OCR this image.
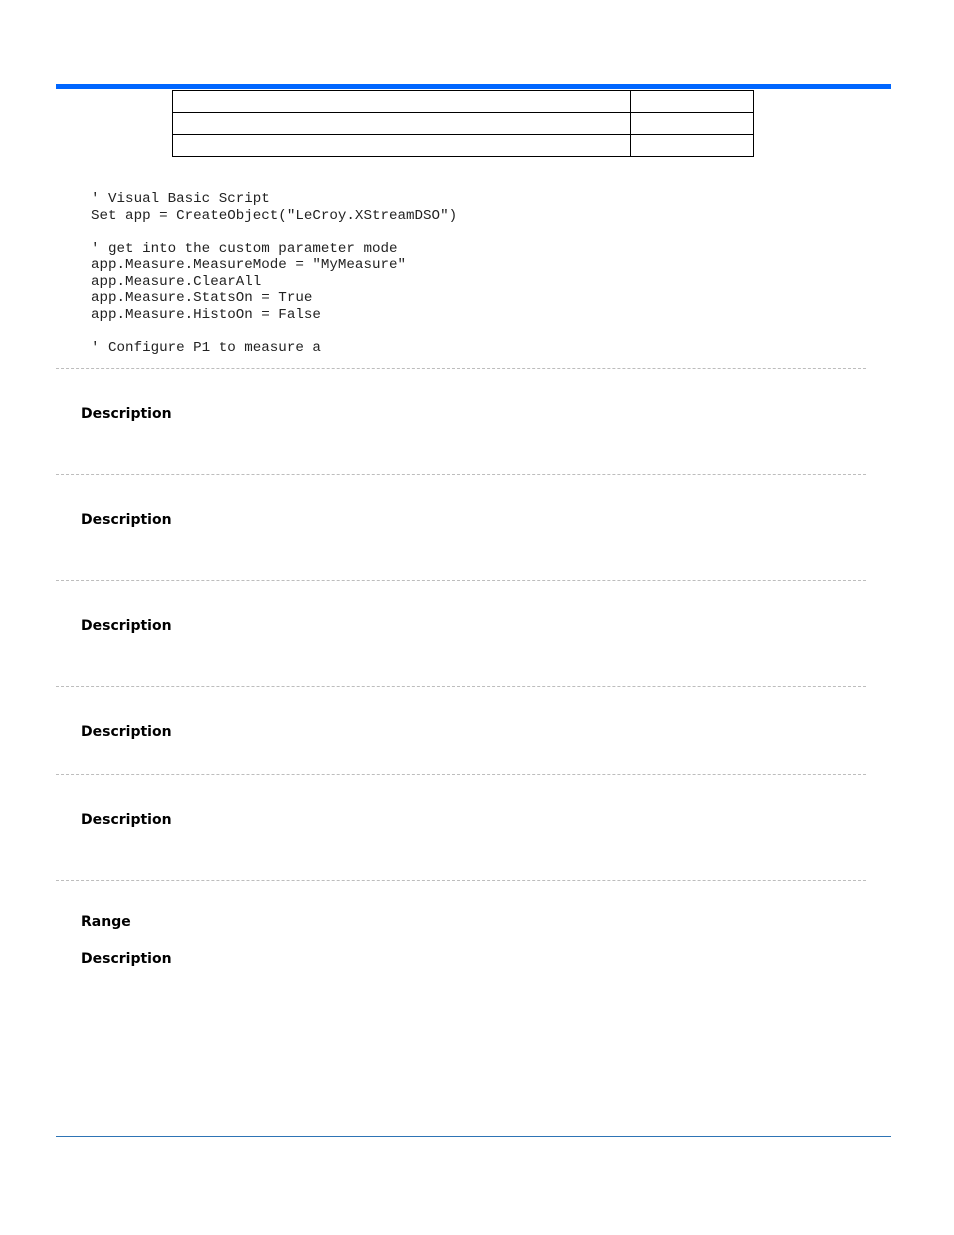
' Visual Basic Script
Set app = CreateObject("LeCroy.XStreamDSO")

' get into the custom parameter mode
app.Measure.MeasureMode = "MyMeasure"
app.Measure.ClearAll
app.Measure.StatsOn = True
app.Measure.HistoOn = False

' Configure P1 to measure a
Description
Description
Description
Description
Description
Range
Description
